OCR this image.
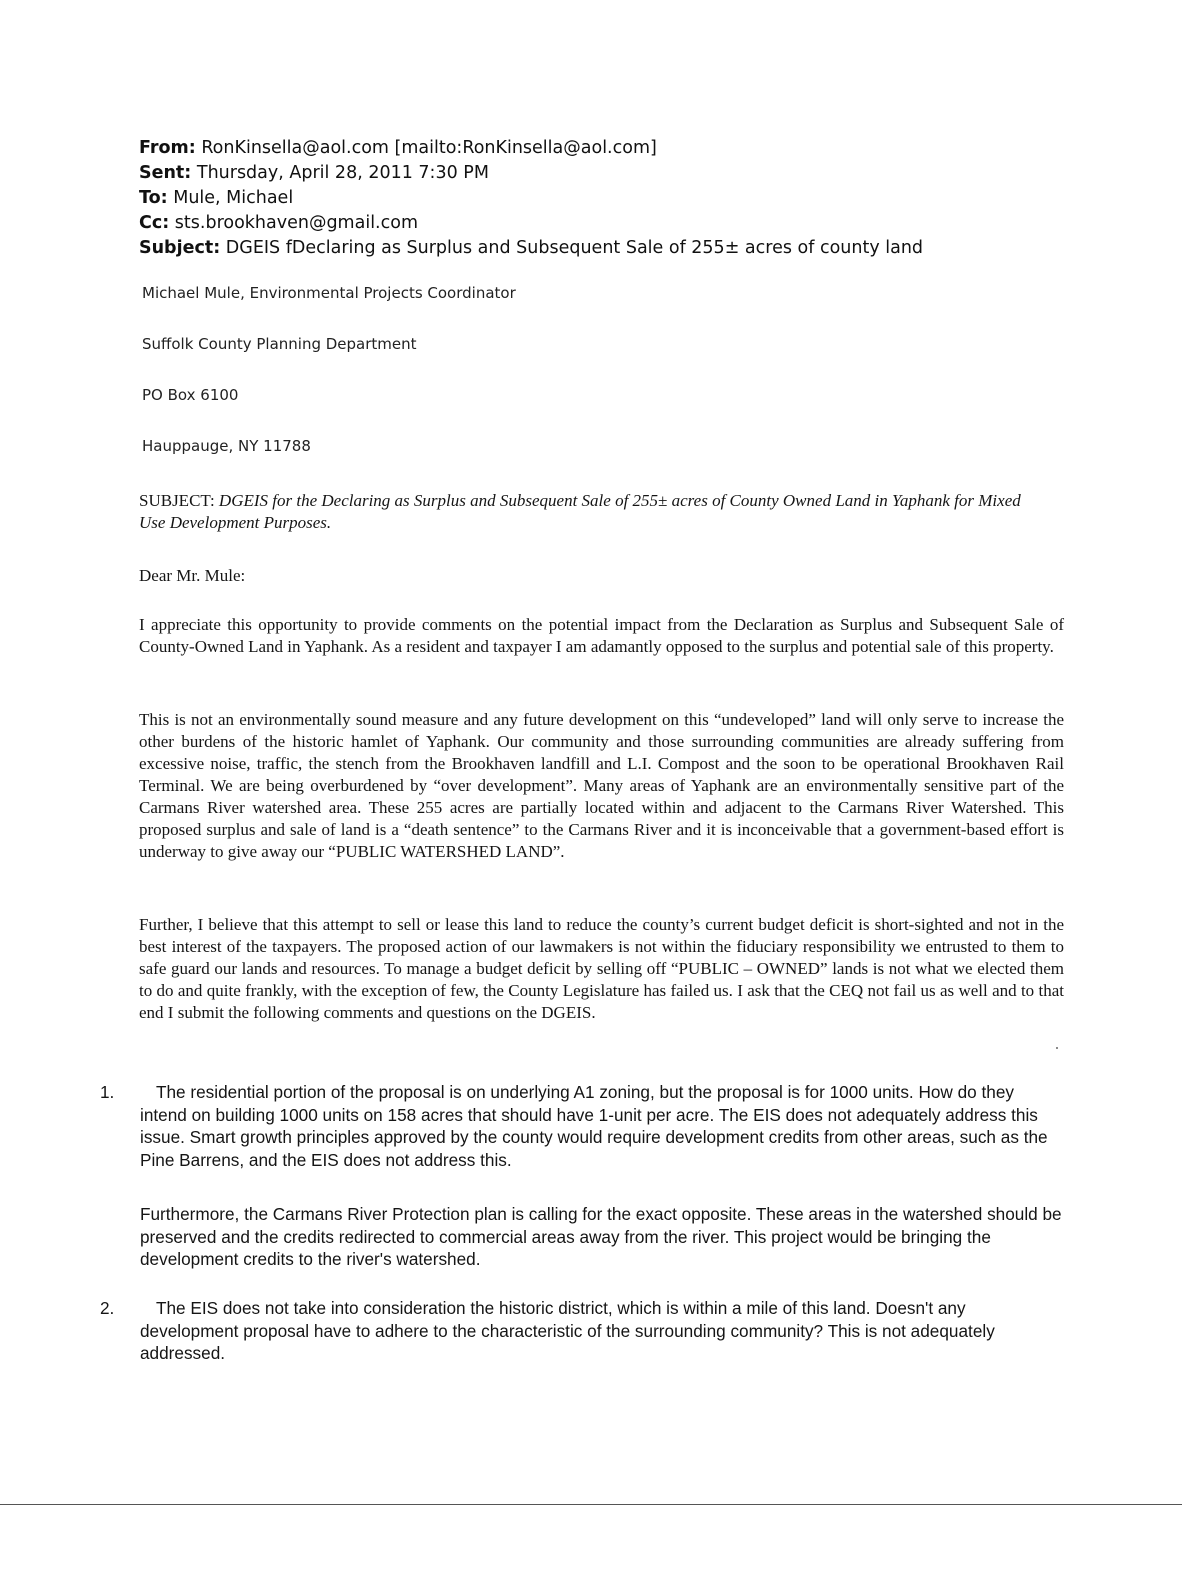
From: RonKinsella@aol.com [mailto:RonKinsella@aol.com]
Sent: Thursday, April 28, 2011 7:30 PM
To: Mule, Michael
Cc: sts.brookhaven@gmail.com
Subject: DGEIS fDeclaring as Surplus and Subsequent Sale of 255± acres of county land
Michael Mule, Environmental Projects Coordinator
Suffolk County Planning Department
PO Box 6100
Hauppauge, NY 11788
SUBJECT: DGEIS for the Declaring as Surplus and Subsequent Sale of 255± acres of County Owned Land in Yaphank for Mixed Use Development Purposes.
Dear Mr. Mule:
I appreciate this opportunity to provide comments on the potential impact from the Declaration as Surplus and Subsequent Sale of County-Owned Land in Yaphank. As a resident and taxpayer I am adamantly opposed to the surplus and potential sale of this property.
This is not an environmentally sound measure and any future development on this “undeveloped” land will only serve to increase the other burdens of the historic hamlet of Yaphank. Our community and those surrounding communities are already suffering from excessive noise, traffic, the stench from the Brookhaven landfill and L.I. Compost and the soon to be operational Brookhaven Rail Terminal. We are being overburdened by “over development”. Many areas of Yaphank are an environmentally sensitive part of the Carmans River watershed area. These 255 acres are partially located within and adjacent to the Carmans River Watershed. This proposed surplus and sale of land is a “death sentence” to the Carmans River and it is inconceivable that a government-based effort is underway to give away our “PUBLIC WATERSHED LAND”.
Further, I believe that this attempt to sell or lease this land to reduce the county’s current budget deficit is short-sighted and not in the best interest of the taxpayers. The proposed action of our lawmakers is not within the fiduciary responsibility we entrusted to them to safe guard our lands and resources. To manage a budget deficit by selling off “PUBLIC – OWNED” lands is not what we elected them to do and quite frankly, with the exception of few, the County Legislature has failed us. I ask that the CEQ not fail us as well and to that end I submit the following comments and questions on the DGEIS.
1.	The residential portion of the proposal is on underlying A1 zoning, but the proposal is for 1000 units. How do they intend on building 1000 units on 158 acres that should have 1-unit per acre. The EIS does not adequately address this issue. Smart growth principles approved by the county would require development credits from other areas, such as the Pine Barrens, and the EIS does not address this.
Furthermore, the Carmans River Protection plan is calling for the exact opposite. These areas in the watershed should be preserved and the credits redirected to commercial areas away from the river. This project would be bringing the development credits to the river's watershed.
2.	The EIS does not take into consideration the historic district, which is within a mile of this land. Doesn't any development proposal have to adhere to the characteristic of the surrounding community? This is not adequately addressed.
